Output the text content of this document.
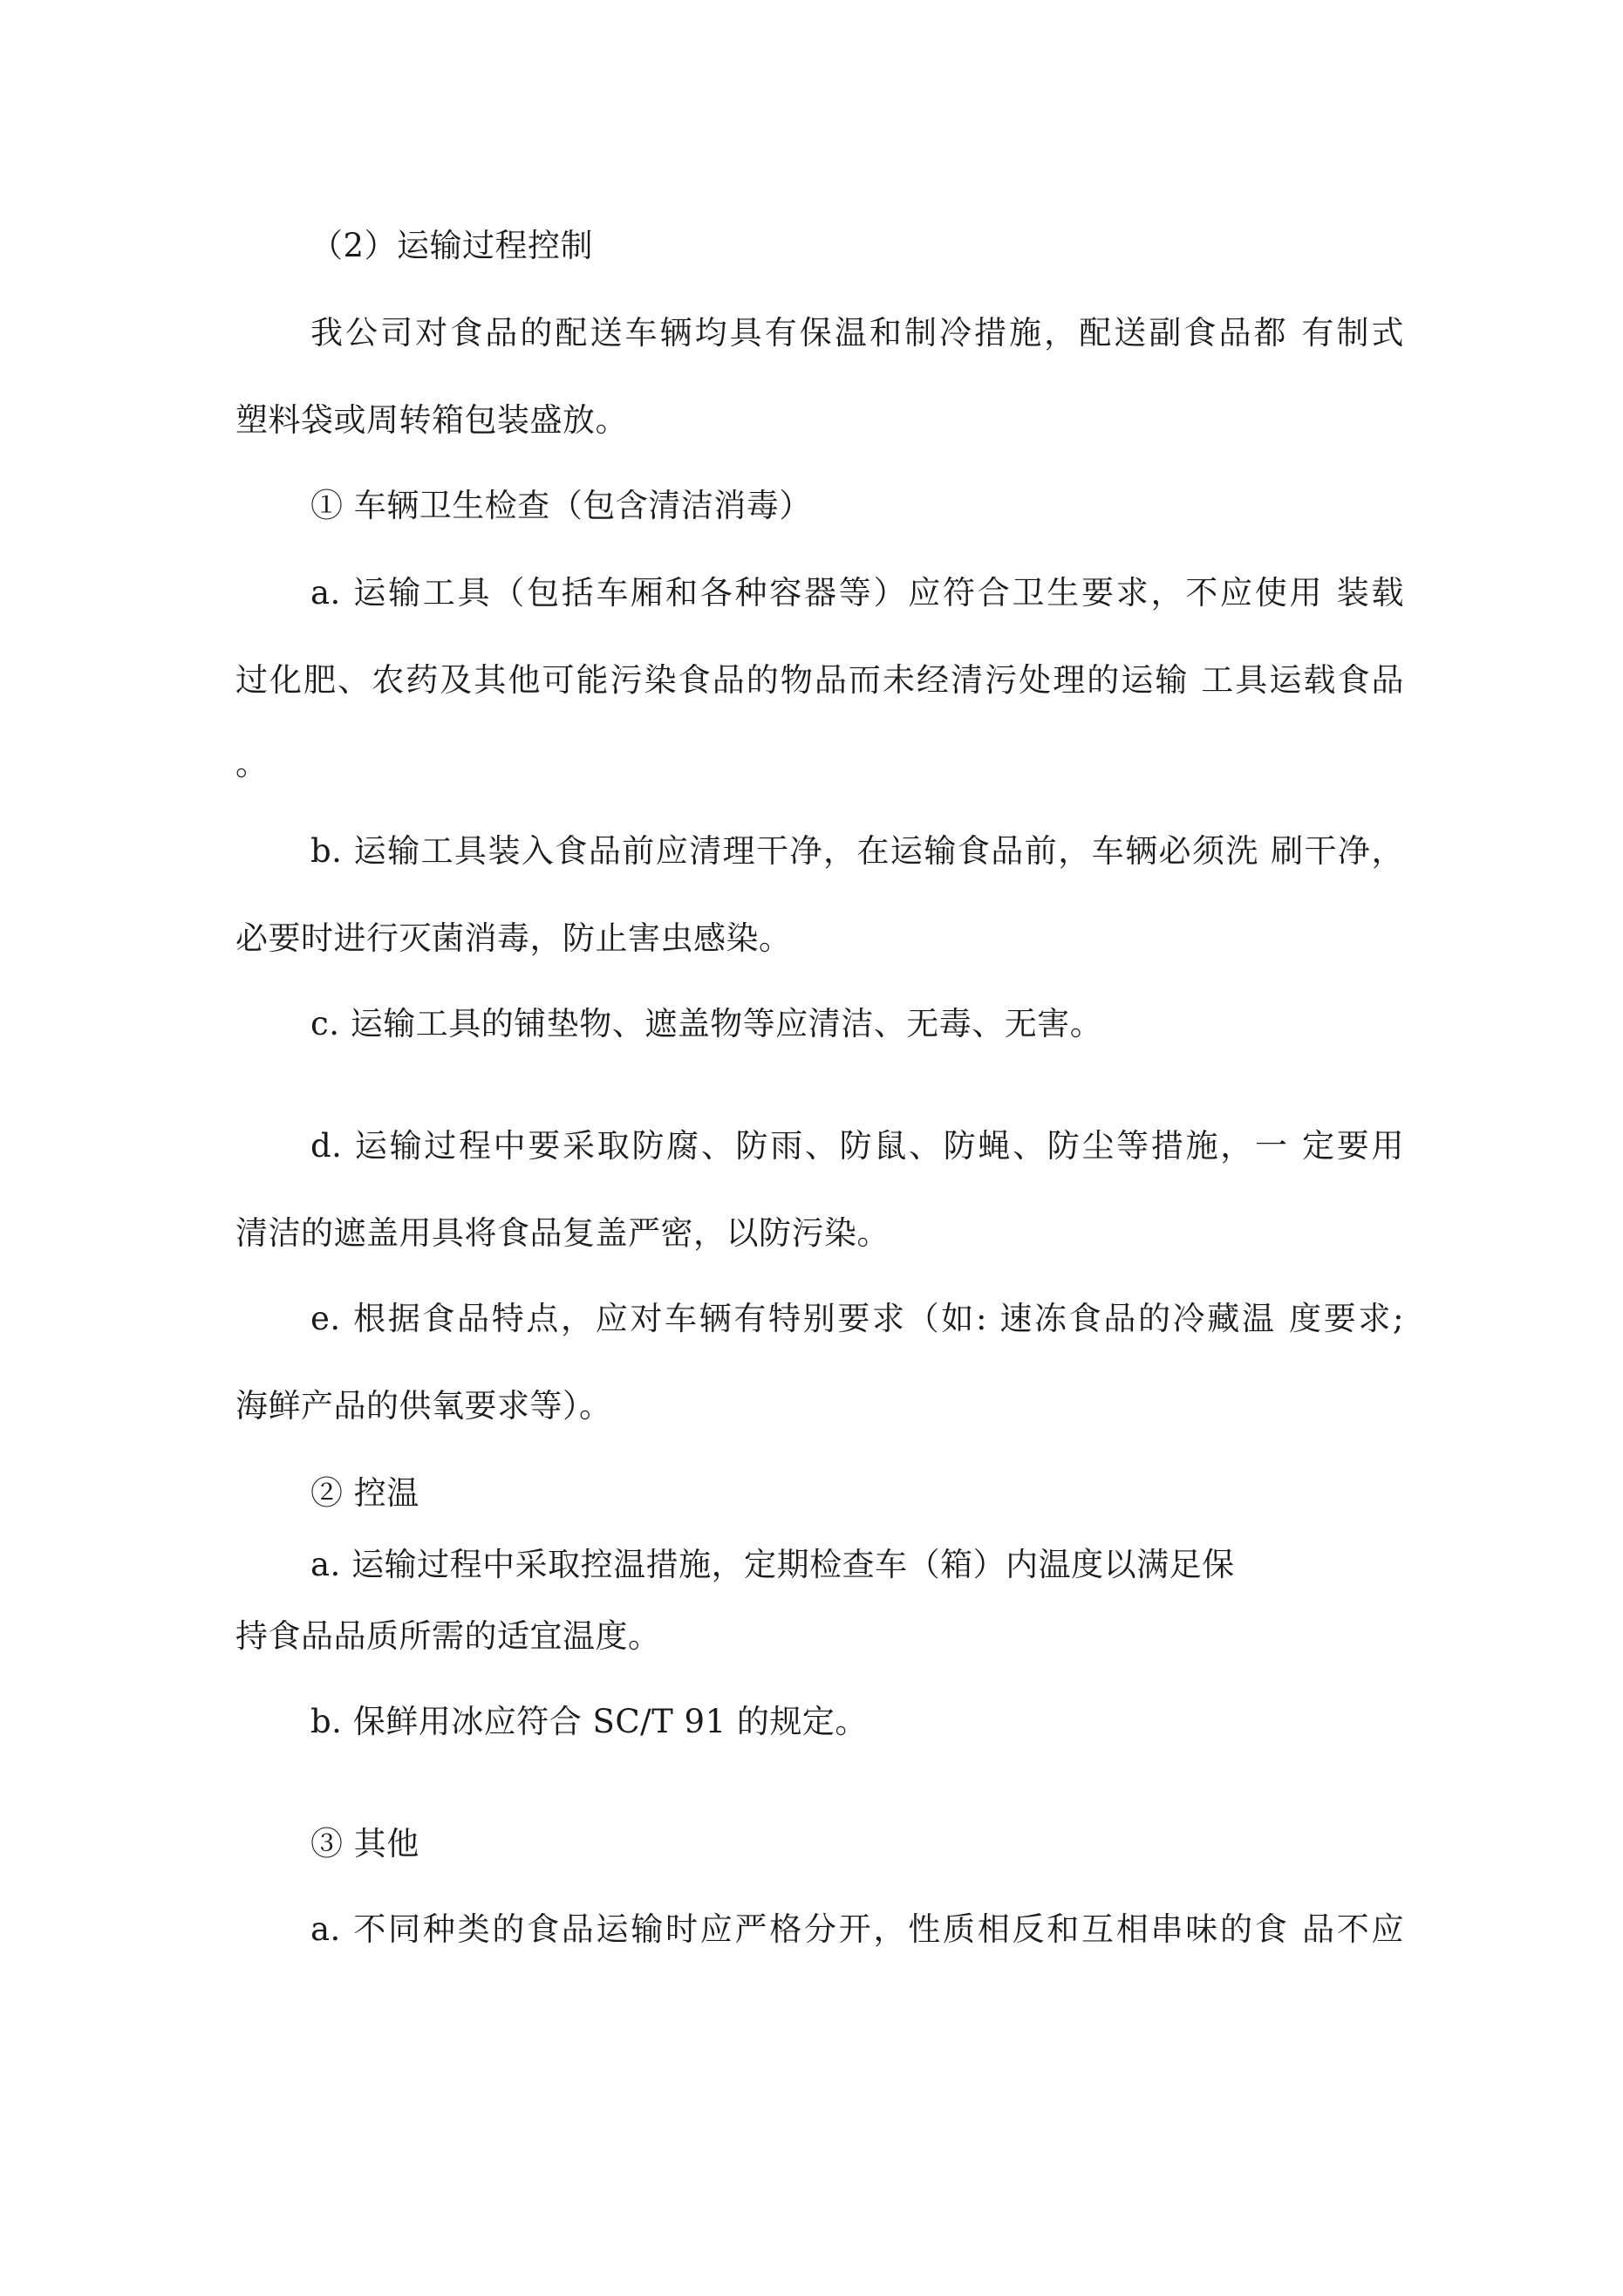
（2）运输过程控制
我公司对食品的配送车辆均具有保温和制冷措施，配送副食品都 有制式
塑料袋或周转箱包装盛放。
① 车辆卫生检查（包含清洁消毒）
a. 运输工具（包括车厢和各种容器等）应符合卫生要求，不应使用 装载
过化肥、农药及其他可能污染食品的物品而未经清污处理的运输 工具运载食品
。
b. 运输工具装入食品前应清理干净，在运输食品前，车辆必须洗 刷干净，
必要时进行灭菌消毒，防止害虫感染。
c. 运输工具的铺垫物、遮盖物等应清洁、无毒、无害。
d. 运输过程中要采取防腐、防雨、防鼠、防蝇、防尘等措施，一 定要用
清洁的遮盖用具将食品复盖严密，以防污染。
e. 根据食品特点，应对车辆有特别要求（如: 速冻食品的冷藏温 度要求;
海鲜产品的供氧要求等）。
② 控温
a. 运输过程中采取控温措施，定期检查车（箱）内温度以满足保
持食品品质所需的适宜温度。
b. 保鲜用冰应符合 SC/T 91 的规定。
③ 其他
a. 不同种类的食品运输时应严格分开，性质相反和互相串味的食 品不应
